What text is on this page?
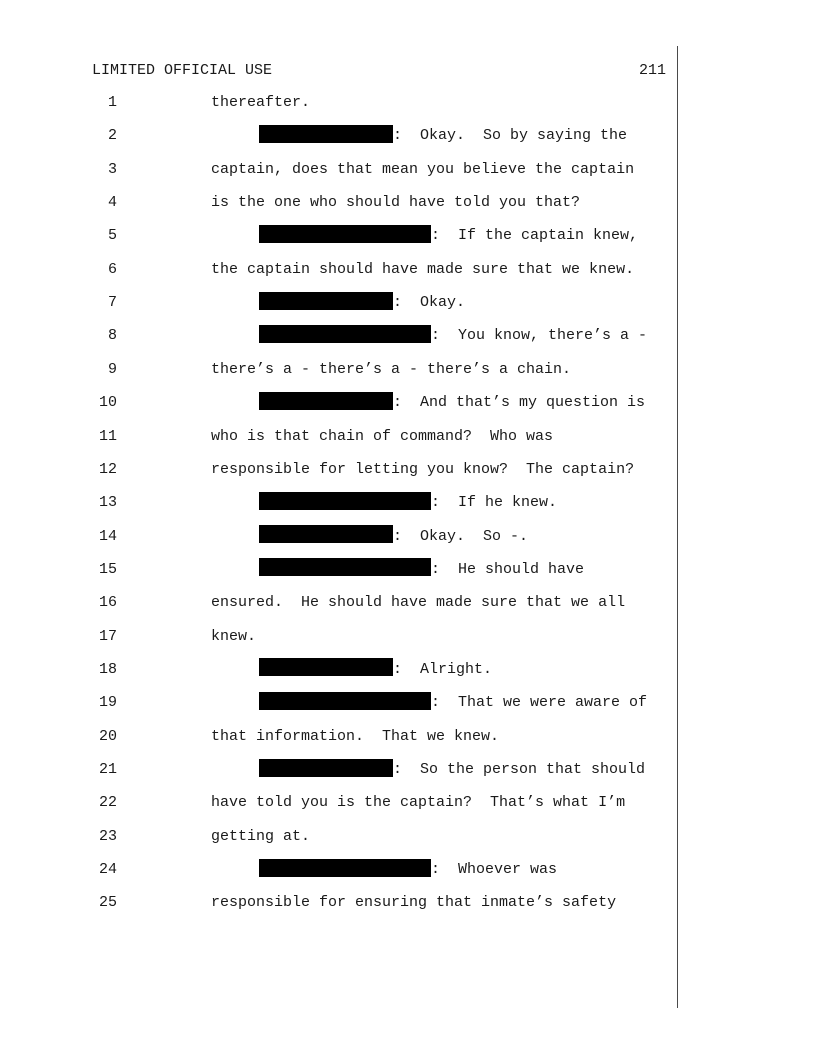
LIMITED OFFICIAL USE	211
1	thereafter.
2	:  Okay.  So by saying the
3	captain, does that mean you believe the captain
4	is the one who should have told you that?
5	:  If the captain knew,
6	the captain should have made sure that we knew.
7	:  Okay.
8	:  You know, there’s a -
9	there’s a - there’s a - there’s a chain.
10	:  And that’s my question is
11	who is that chain of command?  Who was
12	responsible for letting you know?  The captain?
13	:  If he knew.
14	:  Okay.  So -.
15	:  He should have
16	ensured.  He should have made sure that we all
17	knew.
18	:  Alright.
19	:  That we were aware of
20	that information.  That we knew.
21	:  So the person that should
22	have told you is the captain?  That’s what I’m
23	getting at.
24	:  Whoever was
25	responsible for ensuring that inmate’s safety
